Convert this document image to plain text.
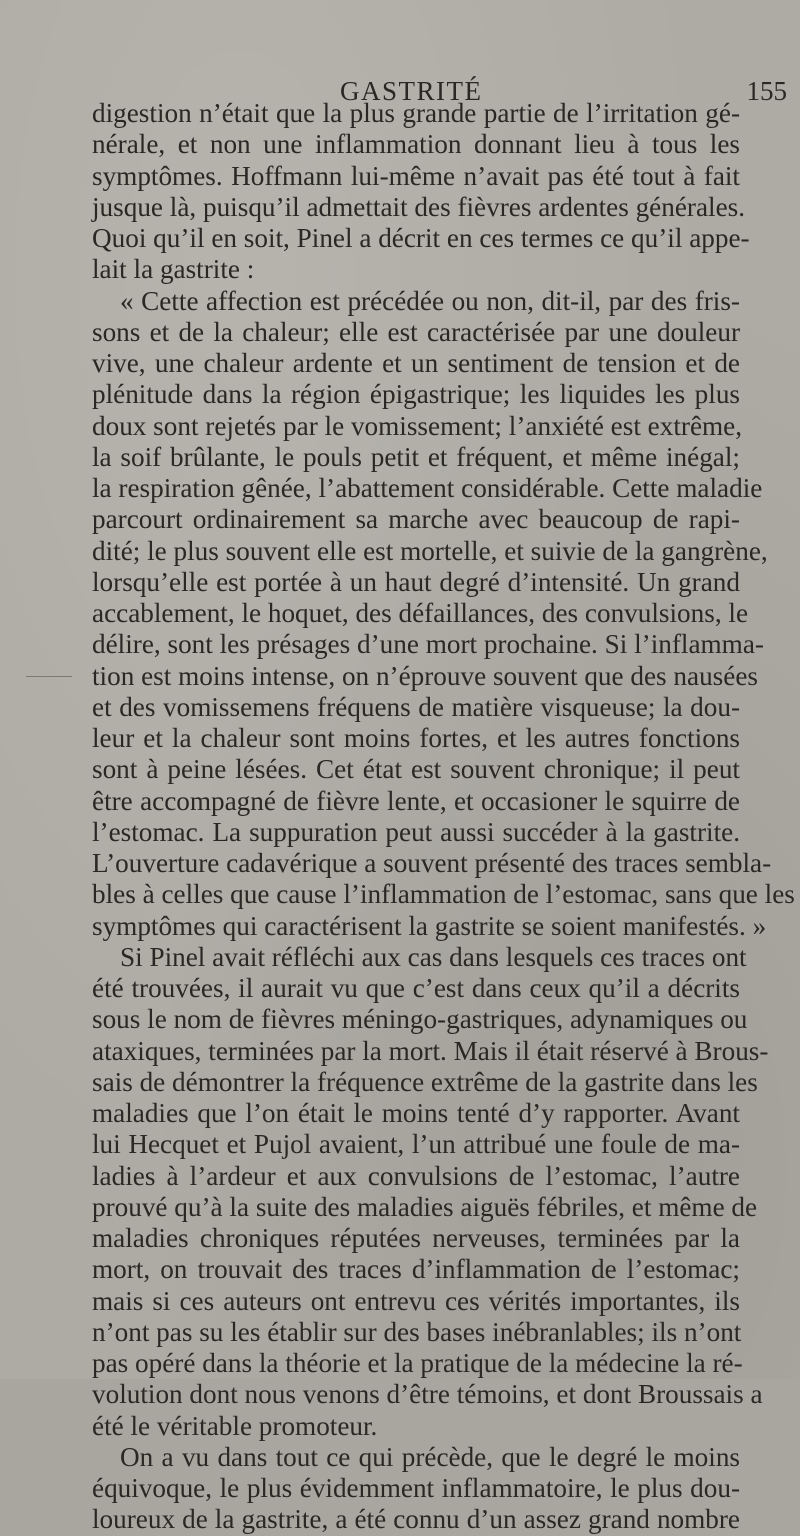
GASTRITÉ	155
digestion n’était que la plus grande partie de l’irritation gé-
nérale, et non une inflammation donnant lieu à tous les
symptômes. Hoffmann lui-même n’avait pas été tout à fait
jusque là, puisqu’il admettait des fièvres ardentes générales.
Quoi qu’il en soit, Pinel a décrit en ces termes ce qu’il appe-
lait la gastrite :
« Cette affection est précédée ou non, dit-il, par des fris-
sons et de la chaleur; elle est caractérisée par une douleur
vive, une chaleur ardente et un sentiment de tension et de
plénitude dans la région épigastrique; les liquides les plus
doux sont rejetés par le vomissement; l’anxiété est extrême,
la soif brûlante, le pouls petit et fréquent, et même inégal;
la respiration gênée, l’abattement considérable. Cette maladie
parcourt ordinairement sa marche avec beaucoup de rapi-
dité; le plus souvent elle est mortelle, et suivie de la gangrène,
lorsqu’elle est portée à un haut degré d’intensité. Un grand
accablement, le hoquet, des défaillances, des convulsions, le
délire, sont les présages d’une mort prochaine. Si l’inflamma-
tion est moins intense, on n’éprouve souvent que des nausées
et des vomissemens fréquens de matière visqueuse; la dou-
leur et la chaleur sont moins fortes, et les autres fonctions
sont à peine lésées. Cet état est souvent chronique; il peut
être accompagné de fièvre lente, et occasioner le squirre de
l’estomac. La suppuration peut aussi succéder à la gastrite.
L’ouverture cadavérique a souvent présenté des traces sembla-
bles à celles que cause l’inflammation de l’estomac, sans que les
symptômes qui caractérisent la gastrite se soient manifestés. »
Si Pinel avait réfléchi aux cas dans lesquels ces traces ont
été trouvées, il aurait vu que c’est dans ceux qu’il a décrits
sous le nom de fièvres méningo-gastriques, adynamiques ou
ataxiques, terminées par la mort. Mais il était réservé à Brous-
sais de démontrer la fréquence extrême de la gastrite dans les
maladies que l’on était le moins tenté d’y rapporter. Avant
lui Hecquet et Pujol avaient, l’un attribué une foule de ma-
ladies à l’ardeur et aux convulsions de l’estomac, l’autre
prouvé qu’à la suite des maladies aiguës fébriles, et même de
maladies chroniques réputées nerveuses, terminées par la
mort, on trouvait des traces d’inflammation de l’estomac;
mais si ces auteurs ont entrevu ces vérités importantes, ils
n’ont pas su les établir sur des bases inébranlables; ils n’ont
pas opéré dans la théorie et la pratique de la médecine la ré-
volution dont nous venons d’être témoins, et dont Broussais a
été le véritable promoteur.
On a vu dans tout ce qui précède, que le degré le moins
équivoque, le plus évidemment inflammatoire, le plus dou-
loureux de la gastrite, a été connu d’un assez grand nombre
